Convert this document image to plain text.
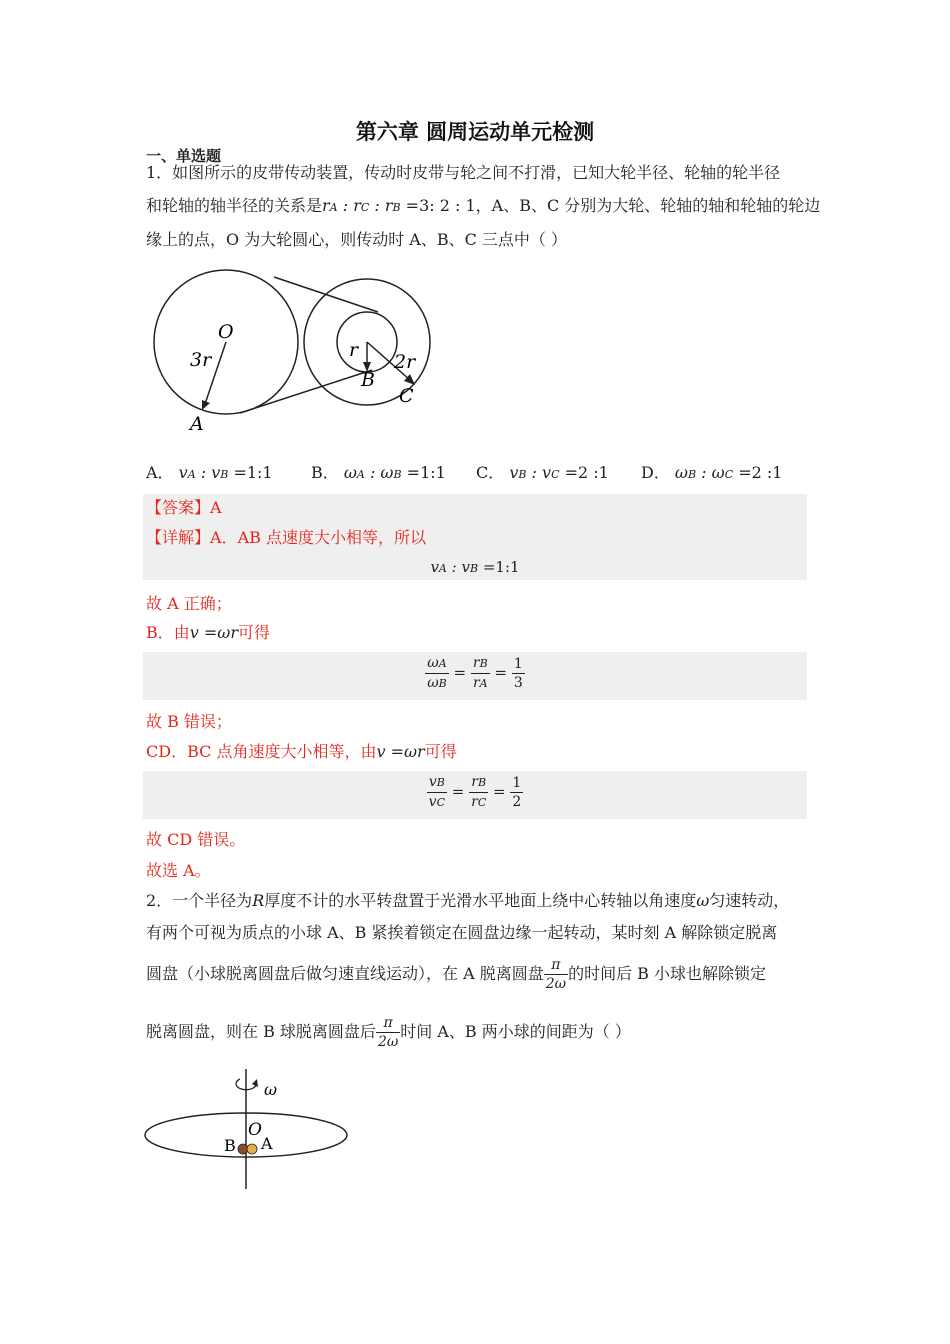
第六章 圆周运动单元检测
一、单选题
1．如图所示的皮带传动装置，传动时皮带与轮之间不打滑，已知大轮半径、轮轴的轮半径
和轮轴的轴半径的关系是rA : rC : rB =3: 2 : 1，A、B、C 分别为大轮、轮轴的轴和轮轴的轮边
缘上的点，O 为大轮圆心，则传动时 A、B、C 三点中（ ）
O
3r
A
r
B
2r
C
A． vA : vB =1:1 B． ωA : ωB =1:1 C． vB : vC =2 :1 D． ωB : ωC =2 :1
【答案】A
【详解】A．AB 点速度大小相等，所以
vA : vB =1:1
故 A 正确；
B．由v =ωr可得
$\frac{\omega A}{\omega B} = \frac{rB}{rA} = \frac{1}{3}$
故 B 错误；
CD．BC 点角速度大小相等，由v =ωr可得
$\frac{vB}{vC} = \frac{rB}{rC} = \frac{1}{2}$
故 CD 错误。
故选 A。
2．一个半径为R厚度不计的水平转盘置于光滑水平地面上绕中心转轴以角速度ω匀速转动，
有两个可视为质点的小球 A、B 紧挨着锁定在圆盘边缘一起转动，某时刻 A 解除锁定脱离
圆盘（小球脱离圆盘后做匀速直线运动），在 A 脱离圆盘 $\frac{\pi}{2\omega}$ 的时间后 B 小球也解除锁定
脱离圆盘，则在 B 球脱离圆盘后 $\frac{\pi}{2\omega}$ 时间 A、B 两小球的间距为（ ）
ω
O
B A
